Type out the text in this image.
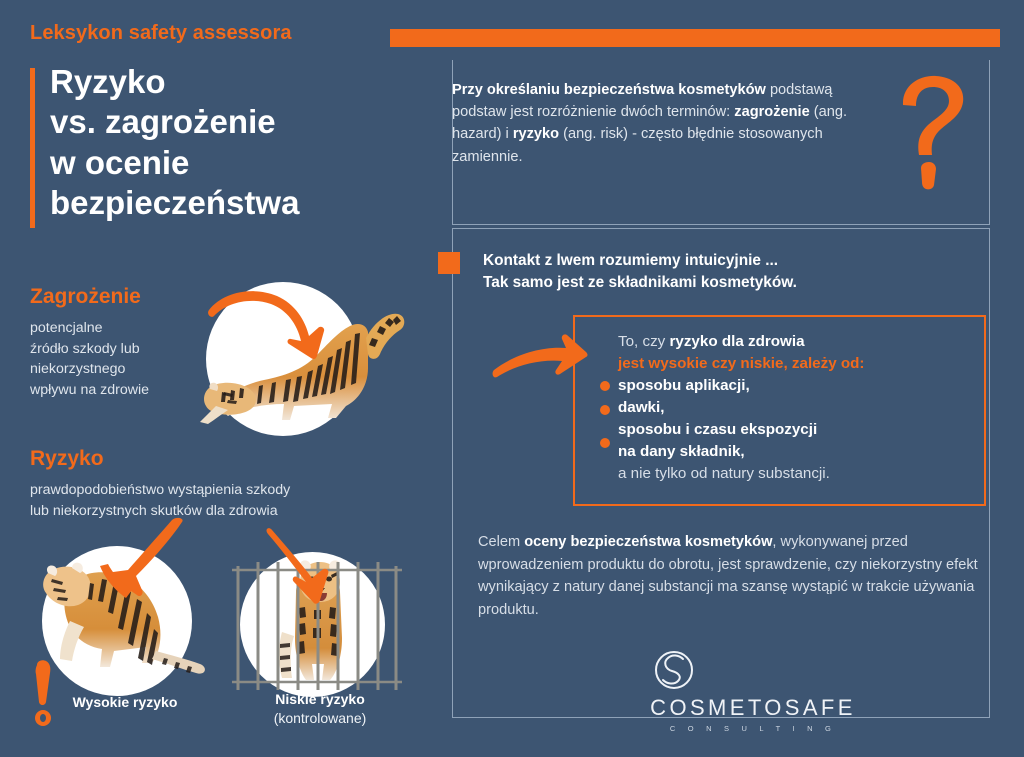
Leksykon safety assessora
Ryzyko
vs. zagrożenie
w ocenie
bezpieczeństwa
Przy określaniu bezpieczeństwa kosmetyków podstawą podstaw jest rozróżnienie dwóch terminów: zagrożenie (ang. hazard) i ryzyko (ang. risk) - często błędnie stosowanych zamiennie.
Kontakt z lwem rozumiemy intuicyjnie ...
Tak samo jest ze składnikami kosmetyków.
To, czy ryzyko dla zdrowia
jest wysokie czy niskie, zależy od:
sposobu aplikacji,
dawki,
sposobu i czasu ekspozycji
na dany składnik,
a nie tylko od natury substancji.
Celem oceny bezpieczeństwa kosmetyków, wykonywanej przed wprowadzeniem produktu do obrotu, jest sprawdzenie, czy niekorzystny efekt wynikający z natury danej substancji ma szansę wystąpić w trakcie używania produktu.
COSMETOSAFE
C O N S U L T I N G
Zagrożenie
potencjalne
źródło szkody lub
niekorzystnego
wpływu na zdrowie
Ryzyko
prawdopodobieństwo wystąpienia szkody
lub niekorzystnych skutków dla zdrowia
Wysokie ryzyko	Niskie ryzyko
(kontrolowane)
